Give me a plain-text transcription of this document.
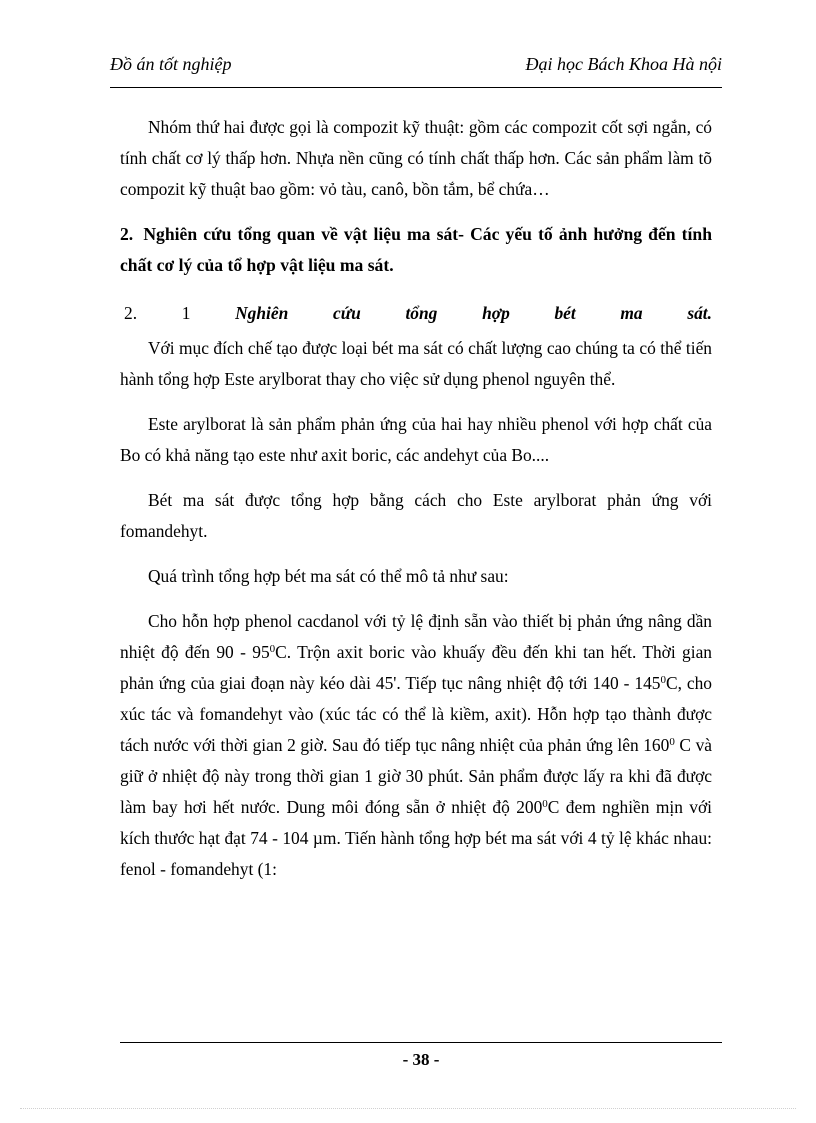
Đồ án tốt nghiệp	Đại học Bách Khoa Hà nội

Nhóm thứ hai được gọi là compozit kỹ thuật: gồm các compozit cốt sợi ngắn, có tính chất cơ lý thấp hơn. Nhựa nền cũng có tính chất thấp hơn. Các sản phẩm làm tõ compozit kỹ thuật bao gồm: vỏ tàu, canô, bồn tắm, bể chứa…

2. Nghiên cứu tổng quan về vật liệu ma sát- Các yếu tố ảnh hưởng đến tính chất cơ lý của tổ hợp vật liệu ma sát.

2.	1	Nghiên	cứu	tổng	hợp	bét	ma	sát.

Với mục đích chế tạo được loại bét ma sát có chất lượng cao chúng ta có thể tiến hành tổng hợp Este arylborat thay cho việc sử dụng phenol nguyên thể.

Este arylborat là sản phẩm phản ứng của hai hay nhiều phenol với hợp chất của Bo có khả năng tạo este như axit boric, các andehyt của Bo....

Bét ma sát được tổng hợp bằng cách cho Este arylborat phản ứng với fomandehyt.

Quá trình tổng hợp bét ma sát có thể mô tả như sau:

Cho hỗn hợp phenol cacdanol với tỷ lệ định sẵn vào thiết bị phản ứng nâng dần nhiệt độ đến $90 - 95^0C$. Trộn axit boric vào khuấy đều đến khi tan hết. Thời gian phản ứng của giai đoạn này kéo dài 45'. Tiếp tục nâng nhiệt độ tới $140 - 145^0C$, cho xúc tác và fomandehyt vào (xúc tác có thể là kiềm, axit). Hỗn hợp tạo thành được tách nước với thời gian 2 giờ. Sau đó tiếp tục nâng nhiệt của phản ứng lên $160^0$ C và giữ ở nhiệt độ này trong thời gian 1 giờ 30 phút. Sản phẩm được lấy ra khi đã được làm bay hơi hết nước. Dung môi đóng sẵn ở nhiệt độ $200^0C$ đem nghiền mịn với kích thước hạt đạt 74 - 104 µm. Tiến hành tổng hợp bét ma sát với 4 tỷ lệ khác nhau: fenol - fomandehyt (1:

- 38 -
